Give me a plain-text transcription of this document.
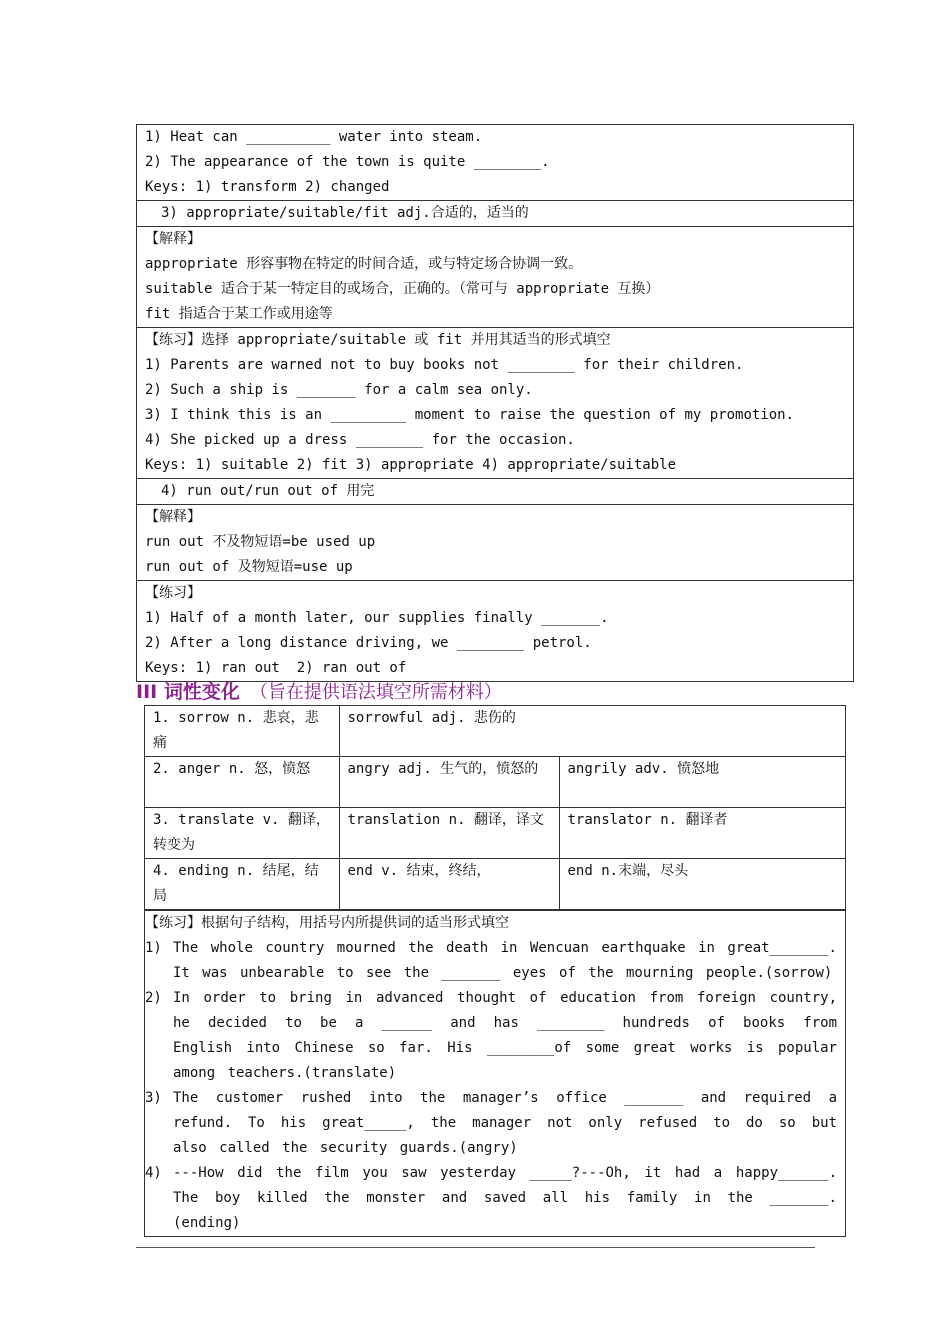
1) Heat can __________ water into steam.
2) The appearance of the town is quite ________.
Keys: 1) transform 2) changed
3) appropriate/suitable/fit adj.合适的，适当的
【解释】
appropriate 形容事物在特定的时间合适，或与特定场合协调一致。
suitable 适合于某一特定目的或场合，正确的。（常可与 appropriate 互换）
fit 指适合于某工作或用途等
【练习】选择 appropriate/suitable 或 fit 并用其适当的形式填空
1) Parents are warned not to buy books not ________ for their children.
2) Such a ship is _______ for a calm sea only.
3) I think this is an _________ moment to raise the question of my promotion.
4) She picked up a dress ________ for the occasion.
Keys: 1) suitable 2) fit 3) appropriate 4) appropriate/suitable
4) run out/run out of 用完
【解释】
run out 不及物短语=be used up
run out of 及物短语=use up
【练习】
1) Half of a month later, our supplies finally _______.
2) After a long distance driving, we ________ petrol.
Keys: 1) ran out  2) ran out of
III 词性变化 （旨在提供语法填空所需材料）
1. sorrow n. 悲哀，悲痛	sorrowful adj. 悲伤的	
2. anger n. 怒，愤怒	angry adj. 生气的，愤怒的	angrily adv. 愤怒地
3. translate v. 翻译，转变为	translation n. 翻译，译文	translator n. 翻译者
4. ending n. 结尾，结局	end v. 结束，终结，	end n.末端，尽头
【练习】根据句子结构，用括号内所提供词的适当形式填空
1) The whole country mourned the death in Wencuan earthquake in great_______. It was unbearable to see the _______ eyes of the mourning people.(sorrow)
2) In order to bring in advanced thought of education from foreign country, he decided to be a ______ and has ________ hundreds of books from English into Chinese so far. His ________of some great works is popular among teachers.(translate)
3) The customer rushed into the manager’s office _______ and required a refund. To his great_____, the manager not only refused to do so but also called the security guards.(angry)
4) ---How did the film you saw yesterday _____?---Oh, it had a happy______. The boy killed the monster and saved all his family in the _______.(ending)
